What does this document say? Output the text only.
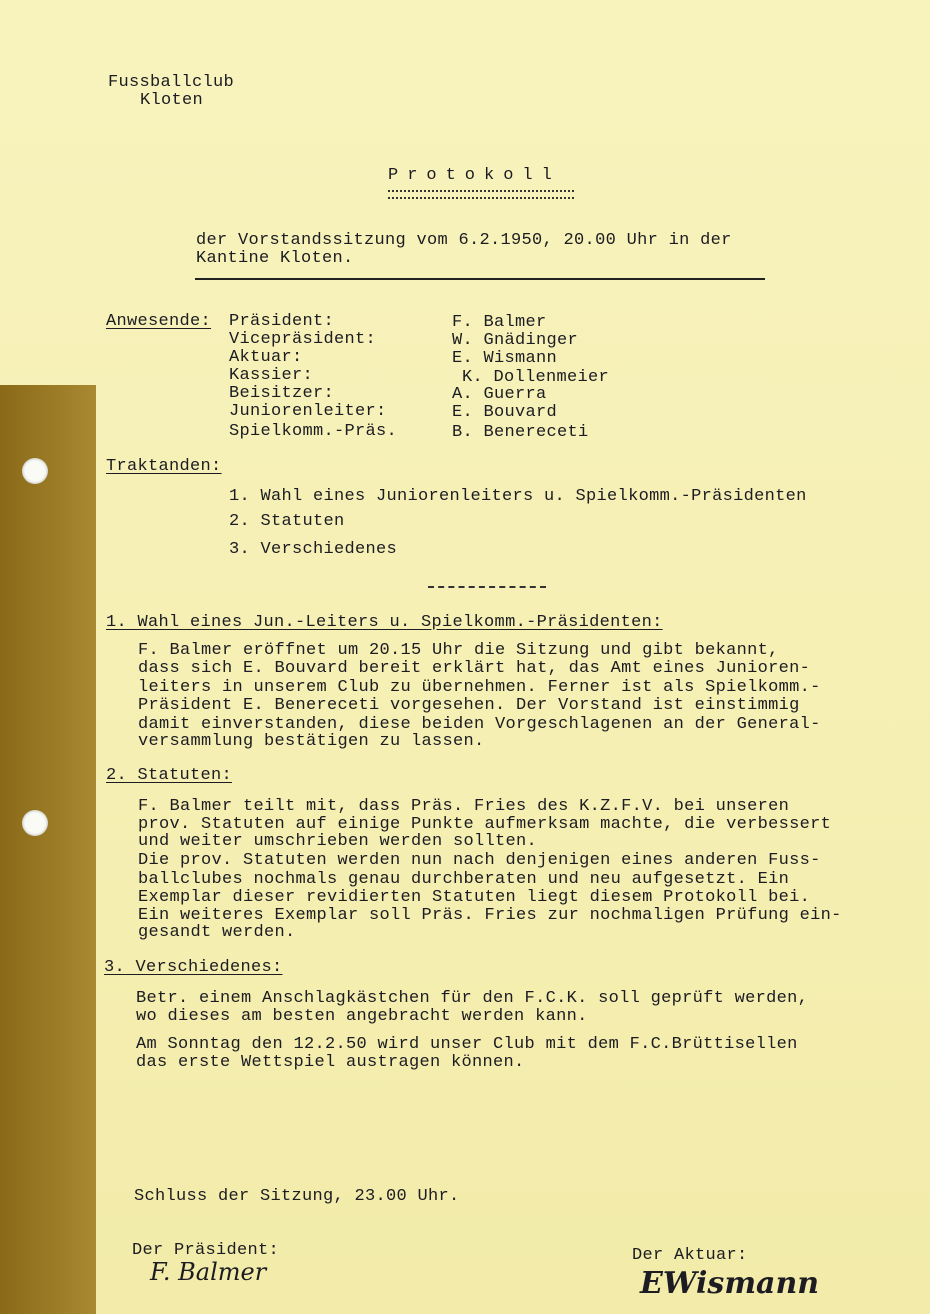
Fussballclub
Kloten
Protokoll
der Vorstandssitzung vom 6.2.1950, 20.00 Uhr in der
Kantine Kloten.
Anwesende: Präsident:
Vicepräsident:
Aktuar:
Kassier:
Beisitzer:
Juniorenleiter:
Spielkomm.-Präs.
F. Balmer
W. Gnädinger
E. Wismann
K. Dollenmeier
A. Guerra
E. Bouvard
B. Benereceti
Traktanden:
1. Wahl eines Juniorenleiters u. Spielkomm.-Präsidenten
2. Statuten
3. Verschiedenes
1. Wahl eines Jun.-Leiters u. Spielkomm.-Präsidenten:
F. Balmer eröffnet um 20.15 Uhr die Sitzung und gibt bekannt,
dass sich E. Bouvard bereit erklärt hat, das Amt eines Junioren-
leiters in unserem Club zu übernehmen. Ferner ist als Spielkomm.-
Präsident E. Benereceti vorgesehen. Der Vorstand ist einstimmig
damit einverstanden, diese beiden Vorgeschlagenen an der General-
versammlung bestätigen zu lassen.
2. Statuten:
F. Balmer teilt mit, dass Präs. Fries des K.Z.F.V. bei unseren
prov. Statuten auf einige Punkte aufmerksam machte, die verbessert
und weiter umschrieben werden sollten.
Die prov. Statuten werden nun nach denjenigen eines anderen Fuss-
ballclubes nochmals genau durchberaten und neu aufgesetzt. Ein
Exemplar dieser revidierten Statuten liegt diesem Protokoll bei.
Ein weiteres Exemplar soll Präs. Fries zur nochmaligen Prüfung ein-
gesandt werden.
3. Verschiedenes:
Betr. einem Anschlagkästchen für den F.C.K. soll geprüft werden,
wo dieses am besten angebracht werden kann.
Am Sonntag den 12.2.50 wird unser Club mit dem F.C.Brüttisellen
das erste Wettspiel austragen können.
Schluss der Sitzung, 23.00 Uhr.
Der Präsident:
F. Balmer
Der Aktuar:
EWismann
